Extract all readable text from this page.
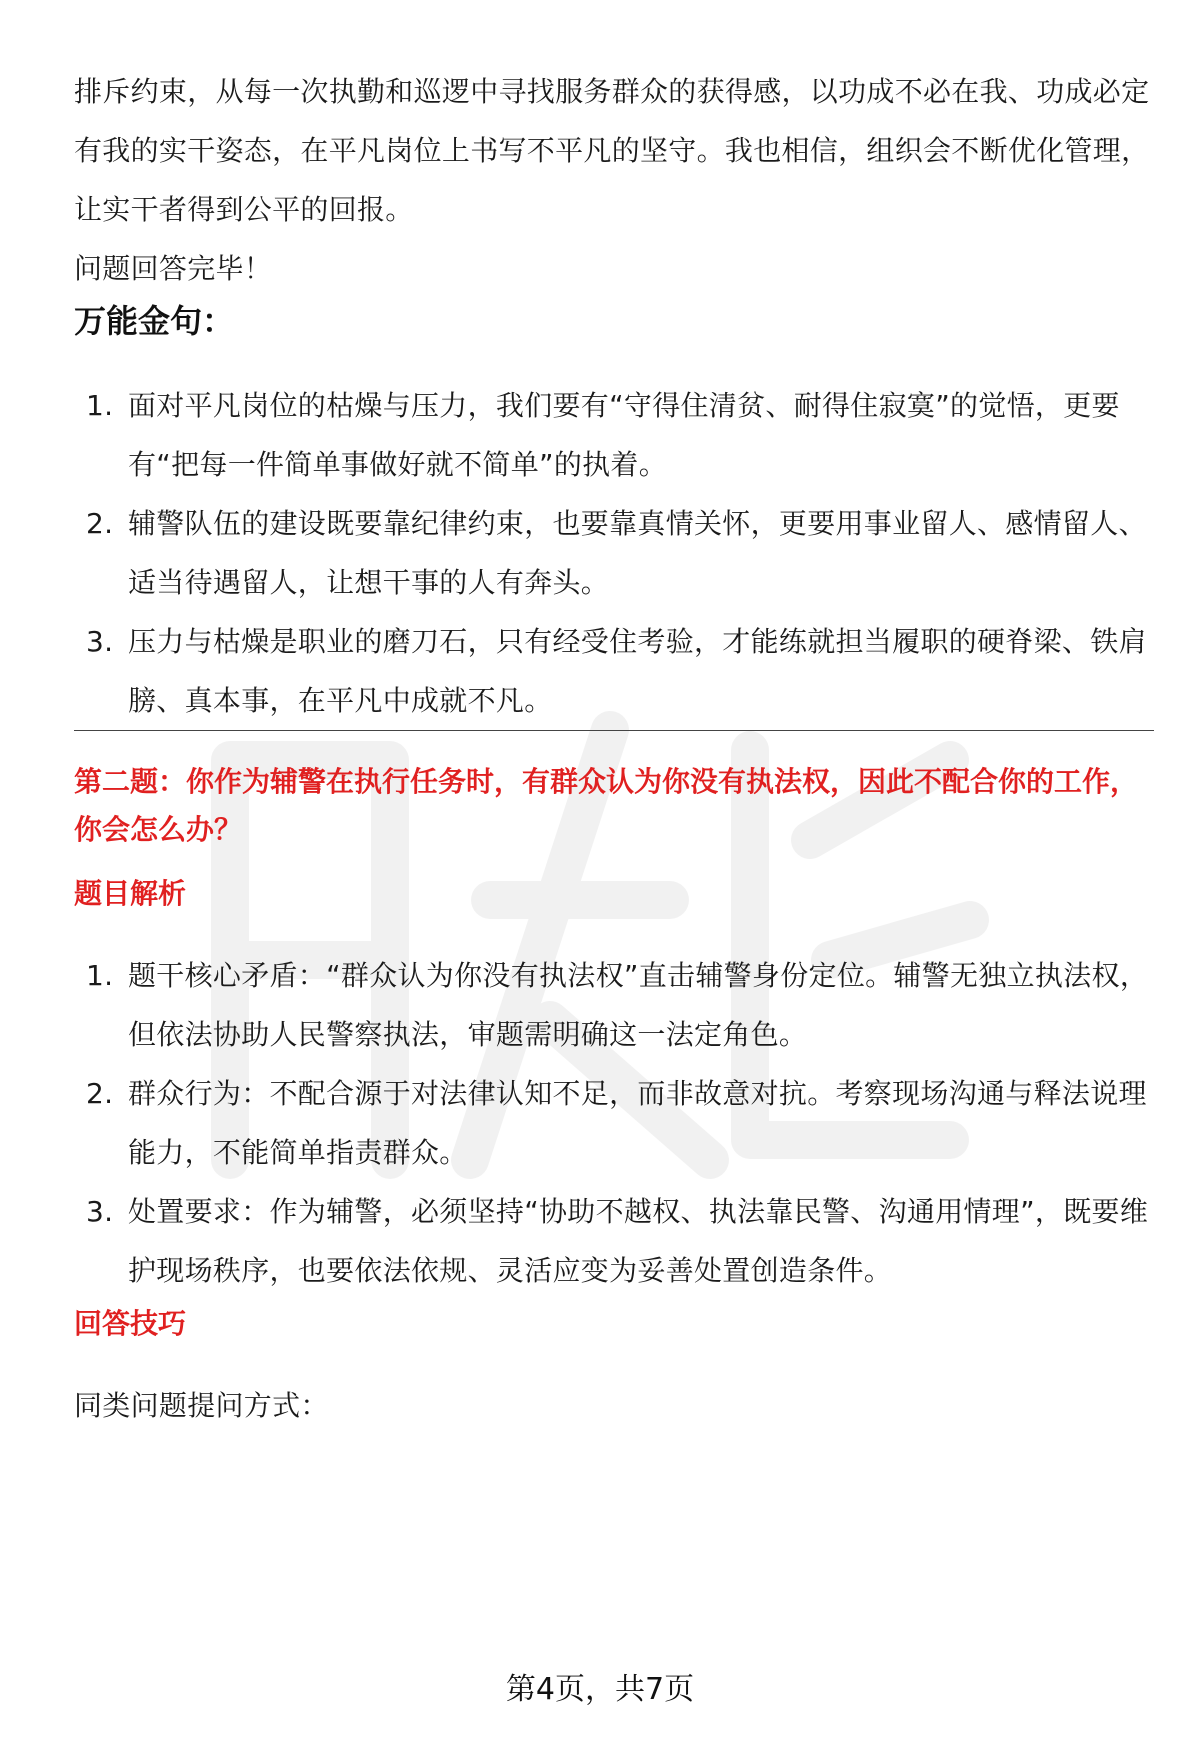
排斥约束，从每一次执勤和巡逻中寻找服务群众的获得感，以功成不必在我、功成必定有我的实干姿态，在平凡岗位上书写不平凡的坚守。我也相信，组织会不断优化管理，让实干者得到公平的回报。

问题回答完毕！

万能金句：
1. 面对平凡岗位的枯燥与压力，我们要有“守得住清贫、耐得住寂寞”的觉悟，更要有“把每一件简单事做好就不简单”的执着。
2. 辅警队伍的建设既要靠纪律约束，也要靠真情关怀，更要用事业留人、感情留人、适当待遇留人，让想干事的人有奔头。
3. 压力与枯燥是职业的磨刀石，只有经受住考验，才能练就担当履职的硬脊梁、铁肩膀、真本事，在平凡中成就不凡。

第二题：你作为辅警在执行任务时，有群众认为你没有执法权，因此不配合你的工作，你会怎么办？

题目解析

1. 题干核心矛盾：“群众认为你没有执法权”直击辅警身份定位。辅警无独立执法权，但依法协助人民警察执法，审题需明确这一法定角色。
2. 群众行为：不配合源于对法律认知不足，而非故意对抗。考察现场沟通与释法说理能力，不能简单指责群众。
3. 处置要求：作为辅警，必须坚持“协助不越权、执法靠民警、沟通用情理”，既要维护现场秩序，也要依法依规、灵活应变为妥善处置创造条件。

回答技巧

同类问题提问方式：

第4页，共7页
